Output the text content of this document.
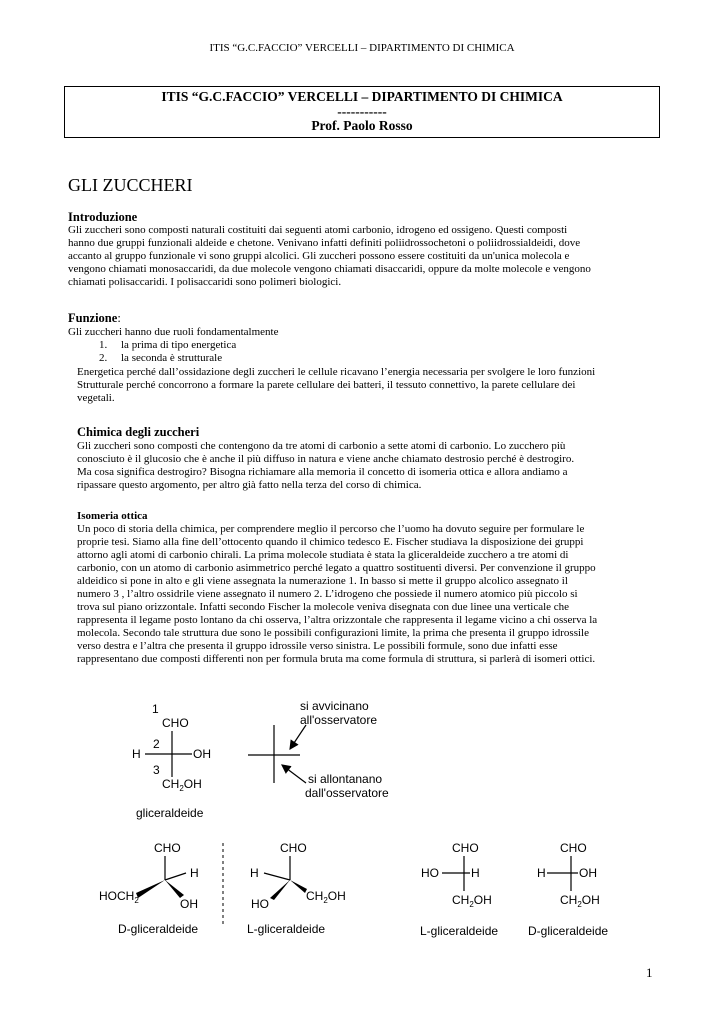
ITIS “G.C.FACCIO” VERCELLI – DIPARTIMENTO DI CHIMICA
ITIS “G.C.FACCIO” VERCELLI – DIPARTIMENTO DI CHIMICA
-----------
Prof. Paolo Rosso
GLI ZUCCHERI
Introduzione

Gli zuccheri sono composti naturali costituiti dai seguenti atomi carbonio, idrogeno ed ossigeno. Questi composti

hanno due gruppi funzionali aldeide e chetone. Venivano infatti definiti poliidrossochetoni o poliidrossialdeidi, dove

accanto al gruppo funzionale vi sono gruppi alcolici. Gli zuccheri possono essere costituiti da un'unica molecola e

vengono chiamati monosaccaridi, da due molecole vengono chiamati disaccaridi, oppure da molte molecole e vengono

chiamati polisaccaridi. I polisaccaridi sono polimeri biologici.

Funzione:
Gli zuccheri hanno due ruoli fondamentalmente
1. la prima di tipo energetica
2. la seconda è strutturale

Energetica perché dall’ossidazione degli zuccheri le cellule ricavano l’energia necessaria per svolgere le loro funzioni

Strutturale perché concorrono a formare la parete cellulare dei batteri, il tessuto connettivo, la parete cellulare dei

vegetali.

Chimica degli zuccheri

Gli zuccheri sono composti che contengono da tre atomi di carbonio a sette atomi di carbonio. Lo zucchero più

conosciuto è il glucosio che è anche il più diffuso in natura e viene anche chiamato destrosio perché è destrogiro.

Ma cosa significa destrogiro? Bisogna richiamare alla memoria il concetto di isomeria ottica e allora andiamo a

ripassare questo argomento, per altro già fatto nella terza del corso di chimica.

Isomeria ottica

Un poco di storia della chimica, per comprendere meglio il percorso che l’uomo ha dovuto seguire per formulare le

proprie tesi. Siamo alla fine dell’ottocento quando il chimico tedesco E. Fischer studiava la disposizione dei gruppi

attorno agli atomi di carbonio chirali. La prima molecole studiata è stata la gliceraldeide zucchero a tre atomi di

carbonio, con un atomo di carbonio asimmetrico perché legato a quattro sostituenti diversi. Per convenzione il gruppo

aldeidico si pone in alto e gli viene assegnata la numerazione 1. In basso si mette il gruppo alcolico assegnato il

numero 3 , l’altro ossidrile viene assegnato il numero 2. L’idrogeno che possiede il numero atomico più piccolo si

trova sul piano orizzontale. Infatti secondo Fischer la molecole veniva disegnata con due linee una verticale che

rappresenta il legame posto lontano da chi osserva, l’altra orizzontale che rappresenta il legame vicino a chi osserva la

molecola. Secondo tale struttura due sono le possibili configurazioni limite, la prima che presenta il gruppo idrossile

verso destra e l’altra che presenta il gruppo idrossile verso sinistra. Le possibili formule, sono due infatti esse

rappresentano due composti differenti non per formula bruta ma come formula di struttura, si parlerà di isomeri ottici.

1
CHO
2
H	OH
3
$CH_2OH$
gliceraldeide
si avvicinano
all'osservatore
si allontanano
dall'osservatore
CHO
H
$HOCH_2$	OH
D-gliceraldeide
CHO
H
$CH_2OH$
HO
L-gliceraldeide
CHO
HO	H
$CH_2OH$
L-gliceraldeide
CHO
H	OH
$CH_2OH$
D-gliceraldeide
1
